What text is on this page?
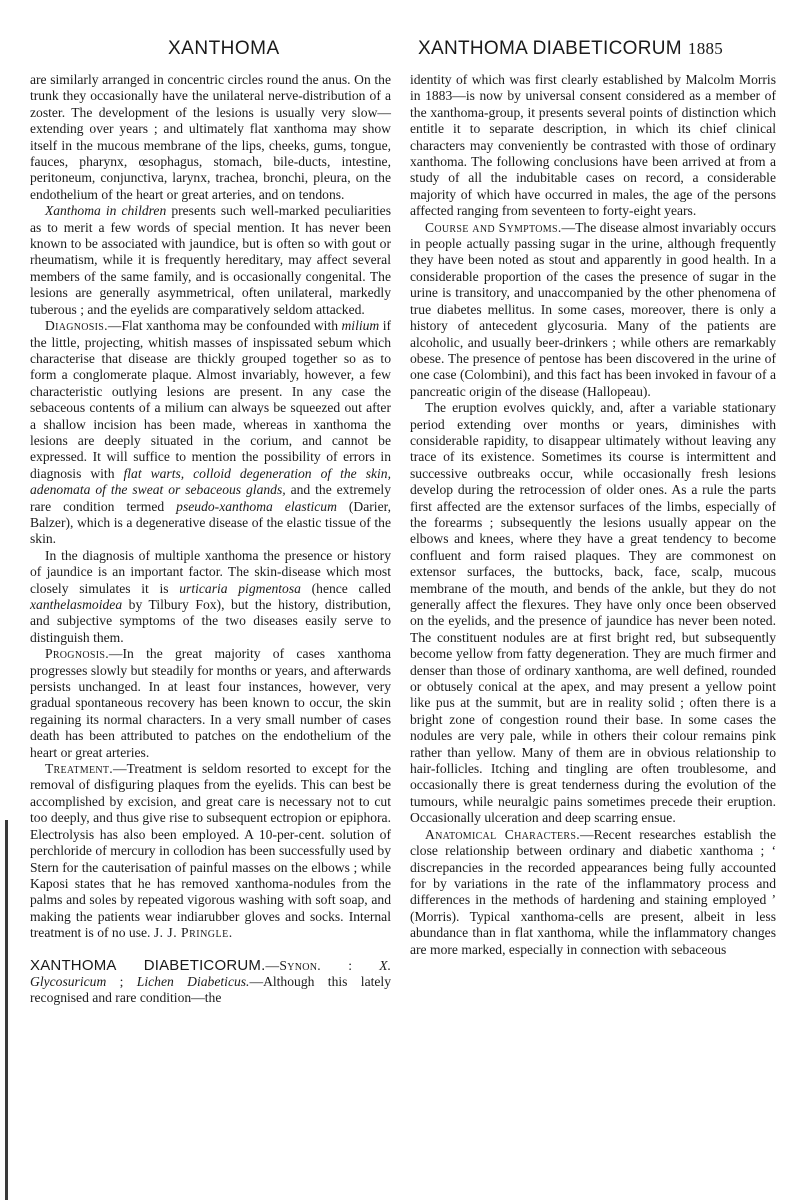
XANTHOMA	XANTHOMA DIABETICORUM 1885

are similarly arranged in concentric circles round the anus. On the trunk they occasionally have the unilateral nerve-distribution of a zoster. The development of the lesions is usually very slow—extending over years ; and ultimately flat xanthoma may show itself in the mucous membrane of the lips, cheeks, gums, tongue, fauces, pharynx, œsophagus, stomach, bile-ducts, intestine, peritoneum, conjunctiva, larynx, trachea, bronchi, pleura, on the endothelium of the heart or great arteries, and on tendons.

Xanthoma in children presents such well-marked peculiarities as to merit a few words of special mention. It has never been known to be associated with jaundice, but is often so with gout or rheumatism, while it is frequently hereditary, may affect several members of the same family, and is occasionally congenital. The lesions are generally asymmetrical, often unilateral, markedly tuberous ; and the eyelids are comparatively seldom attacked.

Diagnosis.—Flat xanthoma may be confounded with milium if the little, projecting, whitish masses of inspissated sebum which characterise that disease are thickly grouped together so as to form a conglomerate plaque. Almost invariably, however, a few characteristic outlying lesions are present. In any case the sebaceous contents of a milium can always be squeezed out after a shallow incision has been made, whereas in xanthoma the lesions are deeply situated in the corium, and cannot be expressed. It will suffice to mention the possibility of errors in diagnosis with flat warts, colloid degeneration of the skin, adenomata of the sweat or sebaceous glands, and the extremely rare condition termed pseudo-xanthoma elasticum (Darier, Balzer), which is a degenerative disease of the elastic tissue of the skin.

In the diagnosis of multiple xanthoma the presence or history of jaundice is an important factor. The skin-disease which most closely simulates it is urticaria pigmentosa (hence called xanthelasmoidea by Tilbury Fox), but the history, distribution, and subjective symptoms of the two diseases easily serve to distinguish them.

Prognosis.—In the great majority of cases xanthoma progresses slowly but steadily for months or years, and afterwards persists unchanged. In at least four instances, however, very gradual spontaneous recovery has been known to occur, the skin regaining its normal characters. In a very small number of cases death has been attributed to patches on the endothelium of the heart or great arteries.

Treatment.—Treatment is seldom resorted to except for the removal of disfiguring plaques from the eyelids. This can best be accomplished by excision, and great care is necessary not to cut too deeply, and thus give rise to subsequent ectropion or epiphora. Electrolysis has also been employed. A 10-per-cent. solution of perchloride of mercury in collodion has been successfully used by Stern for the cauterisation of painful masses on the elbows ; while Kaposi states that he has removed xanthoma-nodules from the palms and soles by repeated vigorous washing with soft soap, and making the patients wear indiarubber gloves and socks. Internal treatment is of no use. J. J. Pringle.

XANTHOMA DIABETICORUM.—Synon. : X. Glycosuricum ; Lichen Diabeticus.—Although this lately recognised and rare condition—the

identity of which was first clearly established by Malcolm Morris in 1883—is now by universal consent considered as a member of the xanthoma-group, it presents several points of distinction which entitle it to separate description, in which its chief clinical characters may conveniently be contrasted with those of ordinary xanthoma. The following conclusions have been arrived at from a study of all the indubitable cases on record, a considerable majority of which have occurred in males, the age of the persons affected ranging from seventeen to forty-eight years.

Course and Symptoms.—The disease almost invariably occurs in people actually passing sugar in the urine, although frequently they have been noted as stout and apparently in good health. In a considerable proportion of the cases the presence of sugar in the urine is transitory, and unaccompanied by the other phenomena of true diabetes mellitus. In some cases, moreover, there is only a history of antecedent glycosuria. Many of the patients are alcoholic, and usually beer-drinkers ; while others are remarkably obese. The presence of pentose has been discovered in the urine of one case (Colombini), and this fact has been invoked in favour of a pancreatic origin of the disease (Hallopeau).

The eruption evolves quickly, and, after a variable stationary period extending over months or years, diminishes with considerable rapidity, to disappear ultimately without leaving any trace of its existence. Sometimes its course is intermittent and successive outbreaks occur, while occasionally fresh lesions develop during the retrocession of older ones. As a rule the parts first affected are the extensor surfaces of the limbs, especially of the forearms ; subsequently the lesions usually appear on the elbows and knees, where they have a great tendency to become confluent and form raised plaques. They are commonest on extensor surfaces, the buttocks, back, face, scalp, mucous membrane of the mouth, and bends of the ankle, but they do not generally affect the flexures. They have only once been observed on the eyelids, and the presence of jaundice has never been noted. The constituent nodules are at first bright red, but subsequently become yellow from fatty degeneration. They are much firmer and denser than those of ordinary xanthoma, are well defined, rounded or obtusely conical at the apex, and may present a yellow point like pus at the summit, but are in reality solid ; often there is a bright zone of congestion round their base. In some cases the nodules are very pale, while in others their colour remains pink rather than yellow. Many of them are in obvious relationship to hair-follicles. Itching and tingling are often troublesome, and occasionally there is great tenderness during the evolution of the tumours, while neuralgic pains sometimes precede their eruption. Occasionally ulceration and deep scarring ensue.

Anatomical Characters.—Recent researches establish the close relationship between ordinary and diabetic xanthoma ; ‘ discrepancies in the recorded appearances being fully accounted for by variations in the rate of the inflammatory process and differences in the methods of hardening and staining employed ’ (Morris). Typical xanthoma-cells are present, albeit in less abundance than in flat xanthoma, while the inflammatory changes are more marked, especially in connection with sebaceous
